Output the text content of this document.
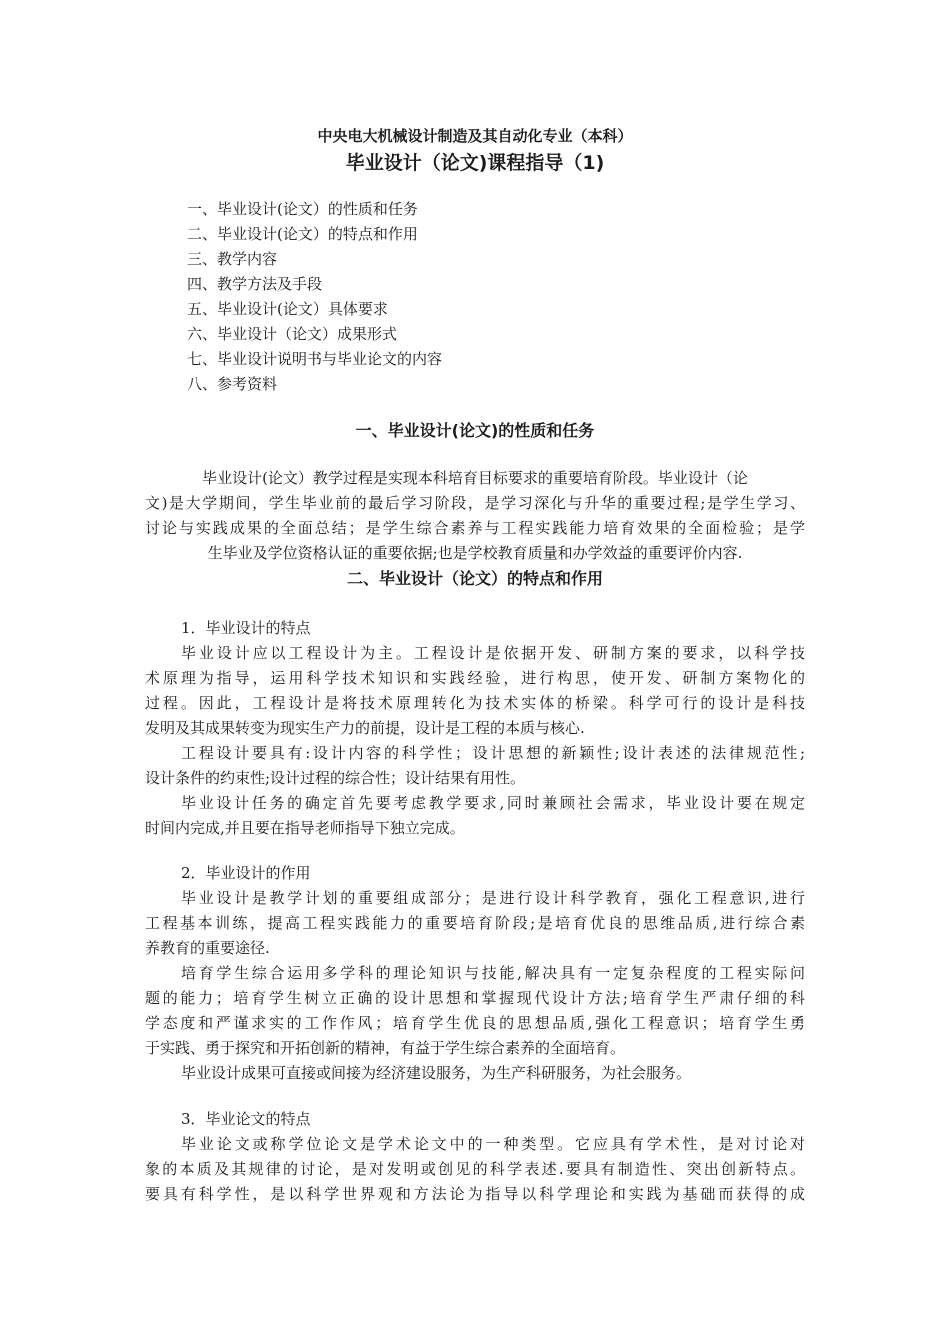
中央电大机械设计制造及其自动化专业（本科）
毕业设计（论文)课程指导（1)
一、毕业设计(论文）的性质和任务
二、毕业设计(论文）的特点和作用
三、教学内容
四、教学方法及手段
五、毕业设计(论文）具体要求
六、毕业设计（论文）成果形式
七、毕业设计说明书与毕业论文的内容
八、参考资料
一、毕业设计(论文)的性质和任务
毕业设计(论文）教学过程是实现本科培育目标要求的重要培育阶段。毕业设计（论
文)是大学期间，学生毕业前的最后学习阶段，是学习深化与升华的重要过程;是学生学习、
讨论与实践成果的全面总结；是学生综合素养与工程实践能力培育效果的全面检验；是学
生毕业及学位资格认证的重要依据;也是学校教育质量和办学效益的重要评价内容.
二、毕业设计（论文）的特点和作用
1．毕业设计的特点
毕业设计应以工程设计为主。工程设计是依据开发、研制方案的要求，以科学技
术原理为指导，运用科学技术知识和实践经验，进行构思，使开发、研制方案物化的
过程。因此，工程设计是将技术原理转化为技术实体的桥梁。科学可行的设计是科技
发明及其成果转变为现实生产力的前提，设计是工程的本质与核心.
工程设计要具有:设计内容的科学性；设计思想的新颖性;设计表述的法律规范性;
设计条件的约束性;设计过程的综合性；设计结果有用性。
毕业设计任务的确定首先要考虑教学要求,同时兼顾社会需求，毕业设计要在规定
时间内完成,并且要在指导老师指导下独立完成。
2．毕业设计的作用
毕业设计是教学计划的重要组成部分；是进行设计科学教育，强化工程意识,进行
工程基本训练，提高工程实践能力的重要培育阶段;是培育优良的思维品质,进行综合素
养教育的重要途径.
培育学生综合运用多学科的理论知识与技能,解决具有一定复杂程度的工程实际问
题的能力；培育学生树立正确的设计思想和掌握现代设计方法;培育学生严肃仔细的科
学态度和严谨求实的工作作风；培育学生优良的思想品质,强化工程意识；培育学生勇
于实践、勇于探究和开拓创新的精神，有益于学生综合素养的全面培育。
毕业设计成果可直接或间接为经济建设服务，为生产科研服务，为社会服务。
3．毕业论文的特点
毕业论文或称学位论文是学术论文中的一种类型。它应具有学术性，是对讨论对
象的本质及其规律的讨论，是对发明或创见的科学表述.要具有制造性、突出创新特点。
要具有科学性，是以科学世界观和方法论为指导以科学理论和实践为基础而获得的成
